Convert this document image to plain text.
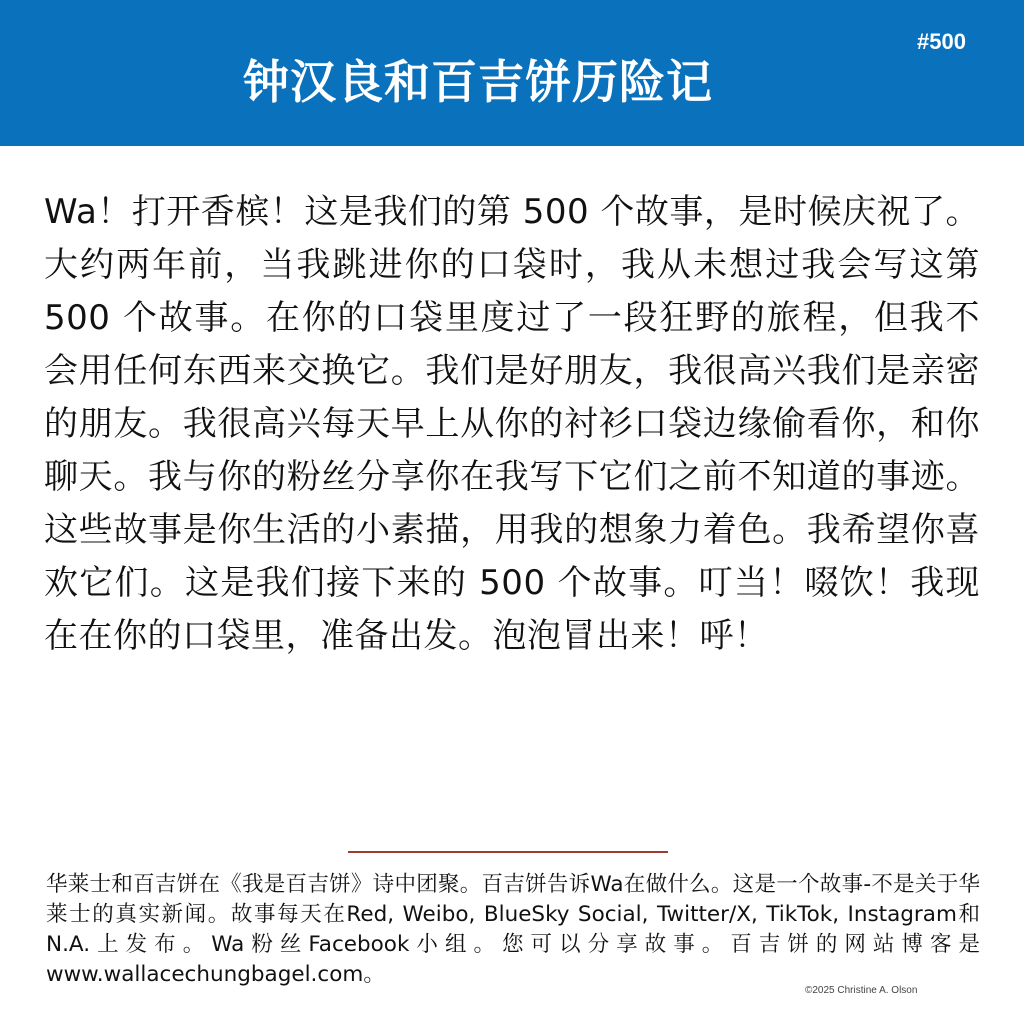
钟汉良和百吉饼历险记
#500

Wa！打开香槟！这是我们的第 500 个故事，是时候庆祝了。大约两年前，当我跳进你的口袋时，我从未想过我会写这第 500 个故事。在你的口袋里度过了一段狂野的旅程，但我不会用任何东西来交换它。我们是好朋友，我很高兴我们是亲密的朋友。我很高兴每天早上从你的衬衫口袋边缘偷看你，和你聊天。我与你的粉丝分享你在我写下它们之前不知道的事迹。这些故事是你生活的小素描，用我的想象力着色。我希望你喜欢它们。这是我们接下来的 500 个故事。叮当！啜饮！我现在在你的口袋里，准备出发。泡泡冒出来！呼！

华莱士和百吉饼在《我是百吉饼》诗中团聚。百吉饼告诉Wa在做什么。这是一个故事-不是关于华莱士的真实新闻。故事每天在Red, Weibo, BlueSky Social, Twitter/X, TikTok, Instagram和N.A.上发布。Wa粉丝Facebook小组。您可以分享故事。百吉饼的网站博客是www.wallacechungbagel.com。

©2025 Christine A. Olson
